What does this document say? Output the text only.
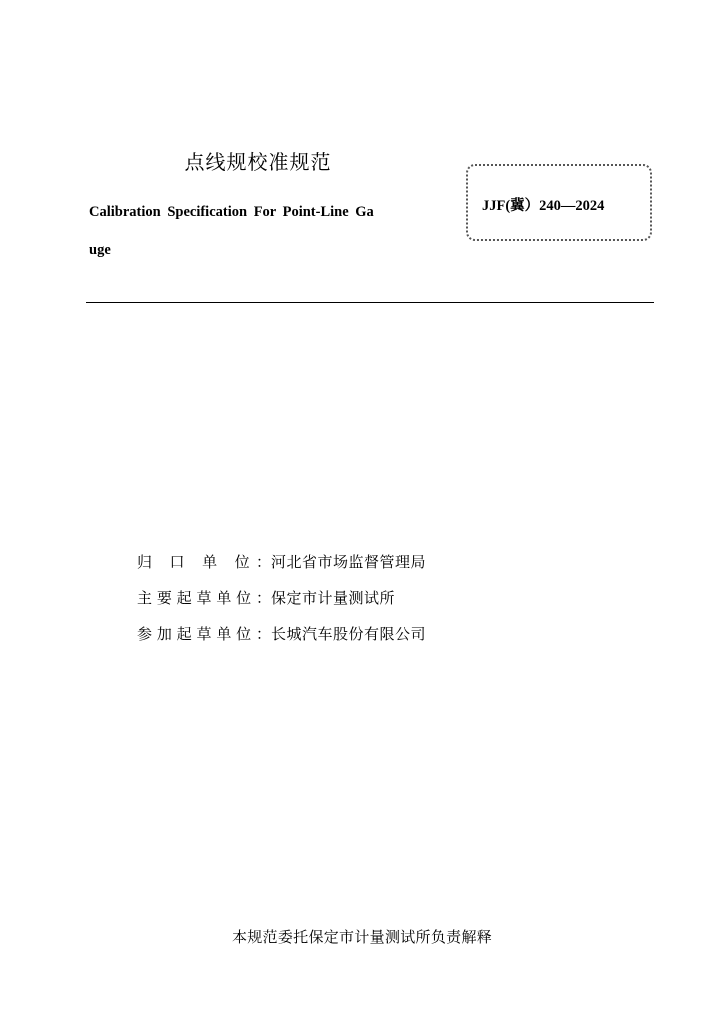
点线规校准规范
Calibration Specification For Point-Line Ga
uge
JJF(冀）240—2024
归 口 单 位：河北省市场监督管理局
主要起草单位：保定市计量测试所
参加起草单位：长城汽车股份有限公司
本规范委托保定市计量测试所负责解释
